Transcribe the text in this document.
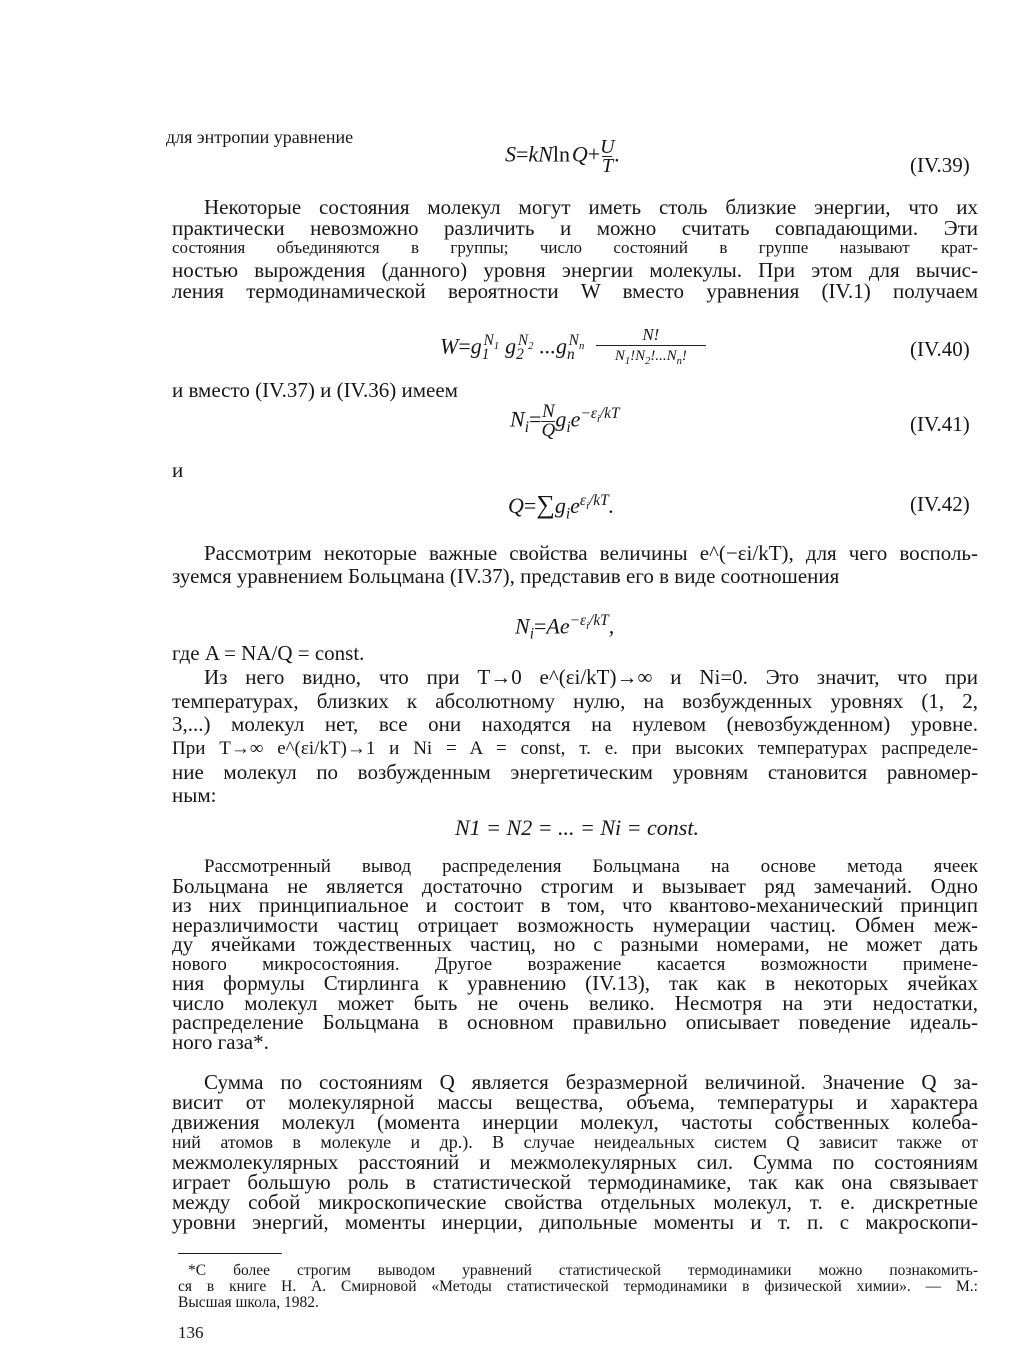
для энтропии уравнение
S=kNln $Q+ \frac{U}{T}$ .	(IV.39)
Некоторые состояния молекул могут иметь столь близкие энергии, что их
практически невозможно различить и можно считать совпадающими. Эти
состояния объединяются в группы; число состояний в группе называют крат-
ностью вырождения (данного) уровня энергии молекулы. При этом для вычис-
ления термодинамической вероятности W вместо уравнения (IV.1) получаем
$W=g_1^{N_1}$ $g_2^{N_2}$ $...g_n^{N_n} \frac{N!}{N_1!N_2!...N_n!}$	(IV.40)
и вместо (IV.37) и (IV.36) имеем
$N_i= \frac{N}{Q} g_ie^{-\varepsilon_i/kT}$	(IV.41)
и
$Q=\sum g_ie^{\varepsilon_i/kT}$.	(IV.42)
Рассмотрим некоторые важные свойства величины e^(−εi/kT), для чего восполь-
зуемся уравнением Больцмана (IV.37), представив его в виде соотношения
$N_i=Ae^{-\varepsilon_i/kT}$,
где A = NA/Q = const.
Из него видно, что при T→0 e^(εi/kT)→∞ и Ni=0. Это значит, что при
температурах, близких к абсолютному нулю, на возбужденных уровнях (1, 2,
3,...) молекул нет, все они находятся на нулевом (невозбужденном) уровне.
При T→∞ e^(εi/kT)→1 и Ni = A = const, т. е. при высоких температурах распределе-
ние молекул по возбужденным энергетическим уровням становится равномер-
ным:
N1 = N2 = ... = Ni = const.
Рассмотренный вывод распределения Больцмана на основе метода ячеек
Больцмана не является достаточно строгим и вызывает ряд замечаний. Одно
из них принципиальное и состоит в том, что квантово-механический принцип
неразличимости частиц отрицает возможность нумерации частиц. Обмен меж-
ду ячейками тождественных частиц, но с разными номерами, не может дать
нового микросостояния. Другое возражение касается возможности примене-
ния формулы Стирлинга к уравнению (IV.13), так как в некоторых ячейках
число молекул может быть не очень велико. Несмотря на эти недостатки,
распределение Больцмана в основном правильно описывает поведение идеаль-
ного газа*.
Сумма по состояниям Q является безразмерной величиной. Значение Q за-
висит от молекулярной массы вещества, объема, температуры и характера
движения молекул (момента инерции молекул, частоты собственных колеба-
ний атомов в молекуле и др.). В случае неидеальных систем Q зависит также от
межмолекулярных расстояний и межмолекулярных сил. Сумма по состояниям
играет большую роль в статистической термодинамике, так как она связывает
между собой микроскопические свойства отдельных молекул, т. е. дискретные
уровни энергий, моменты инерции, дипольные моменты и т. п. с макроскопи-
*С более строгим выводом уравнений статистической термодинамики можно познакомить-
ся в книге Н. А. Смирновой «Методы статистической термодинамики в физической химии». — М.:
Высшая школа, 1982.
136
